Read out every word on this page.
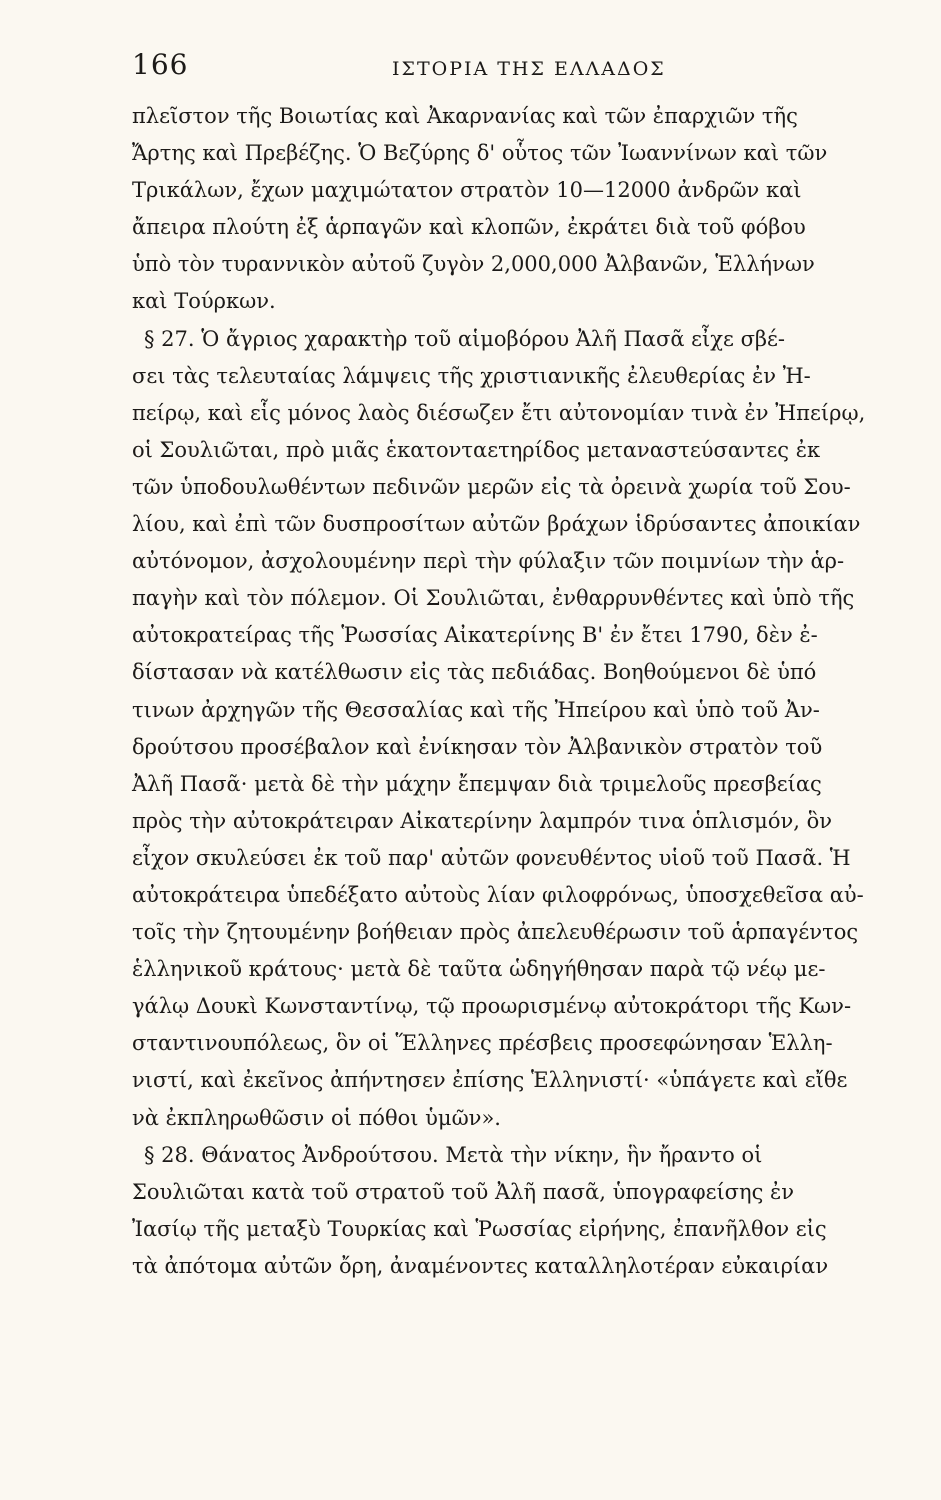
166	ΙΣΤΟΡΙΑ ΤΗΣ ΕΛΛΑΔΟΣ
πλεῖστον τῆς Βοιωτίας καὶ Ἀκαρνανίας καὶ τῶν ἐπαρχιῶν τῆς
Ἄρτης καὶ Πρεβέζης. Ὁ Βεζύρης δ' οὗτος τῶν Ἰωαννίνων καὶ τῶν
Τρικάλων, ἔχων μαχιμώτατον στρατὸν 10—12000 ἀνδρῶν καὶ
ἄπειρα πλούτη ἐξ ἁρπαγῶν καὶ κλοπῶν, ἐκράτει διὰ τοῦ φόβου
ὑπὸ τὸν τυραννικὸν αὐτοῦ ζυγὸν 2,000,000 Ἀλβανῶν, Ἑλλήνων
καὶ Τούρκων.
§ 27. Ὁ ἄγριος χαρακτὴρ τοῦ αἱμοβόρου Ἀλῆ Πασᾶ εἶχε σβέ-
σει τὰς τελευταίας λάμψεις τῆς χριστιανικῆς ἐλευθερίας ἐν Ἠ-
πείρῳ, καὶ εἷς μόνος λαὸς διέσωζεν ἔτι αὐτονομίαν τινὰ ἐν Ἠπείρῳ,
οἱ Σουλιῶται, πρὸ μιᾶς ἑκατονταετηρίδος μεταναστεύσαντες ἐκ
τῶν ὑποδουλωθέντων πεδινῶν μερῶν εἰς τὰ ὀρεινὰ χωρία τοῦ Σου-
λίου, καὶ ἐπὶ τῶν δυσπροσίτων αὐτῶν βράχων ἱδρύσαντες ἀποικίαν
αὐτόνομον, ἀσχολουμένην περὶ τὴν φύλαξιν τῶν ποιμνίων τὴν ἁρ-
παγὴν καὶ τὸν πόλεμον. Οἱ Σουλιῶται, ἐνθαρρυνθέντες καὶ ὑπὸ τῆς
αὐτοκρατείρας τῆς Ῥωσσίας Αἰκατερίνης Β' ἐν ἔτει 1790, δὲν ἐ-
δίστασαν νὰ κατέλθωσιν εἰς τὰς πεδιάδας. Βοηθούμενοι δὲ ὑπό
τινων ἀρχηγῶν τῆς Θεσσαλίας καὶ τῆς Ἠπείρου καὶ ὑπὸ τοῦ Ἀν-
δρούτσου προσέβαλον καὶ ἐνίκησαν τὸν Ἀλβανικὸν στρατὸν τοῦ
Ἀλῆ Πασᾶ· μετὰ δὲ τὴν μάχην ἔπεμψαν διὰ τριμελοῦς πρεσβείας
πρὸς τὴν αὐτοκράτειραν Αἰκατερίνην λαμπρόν τινα ὁπλισμόν, ὃν
εἶχον σκυλεύσει ἐκ τοῦ παρ' αὐτῶν φονευθέντος υἱοῦ τοῦ Πασᾶ. Ἡ
αὐτοκράτειρα ὑπεδέξατο αὐτοὺς λίαν φιλοφρόνως, ὑποσχεθεῖσα αὐ-
τοῖς τὴν ζητουμένην βοήθειαν πρὸς ἀπελευθέρωσιν τοῦ ἁρπαγέντος
ἑλληνικοῦ κράτους· μετὰ δὲ ταῦτα ὡδηγήθησαν παρὰ τῷ νέῳ με-
γάλῳ Δουκὶ Κωνσταντίνῳ, τῷ προωρισμένῳ αὐτοκράτορι τῆς Κων-
σταντινουπόλεως, ὃν οἱ Ἕλληνες πρέσβεις προσεφώνησαν Ἑλλη-
νιστί, καὶ ἐκεῖνος ἀπήντησεν ἐπίσης Ἑλληνιστί· «ὑπάγετε καὶ εἴθε
νὰ ἐκπληρωθῶσιν οἱ πόθοι ὑμῶν».
§ 28. Θάνατος Ἀνδρούτσου. Μετὰ τὴν νίκην, ἣν ἤραντο οἱ
Σουλιῶται κατὰ τοῦ στρατοῦ τοῦ Ἀλῆ πασᾶ, ὑπογραφείσης ἐν
Ἰασίῳ τῆς μεταξὺ Τουρκίας καὶ Ῥωσσίας εἰρήνης, ἐπανῆλθον εἰς
τὰ ἀπότομα αὐτῶν ὄρη, ἀναμένοντες καταλληλοτέραν εὐκαιρίαν
